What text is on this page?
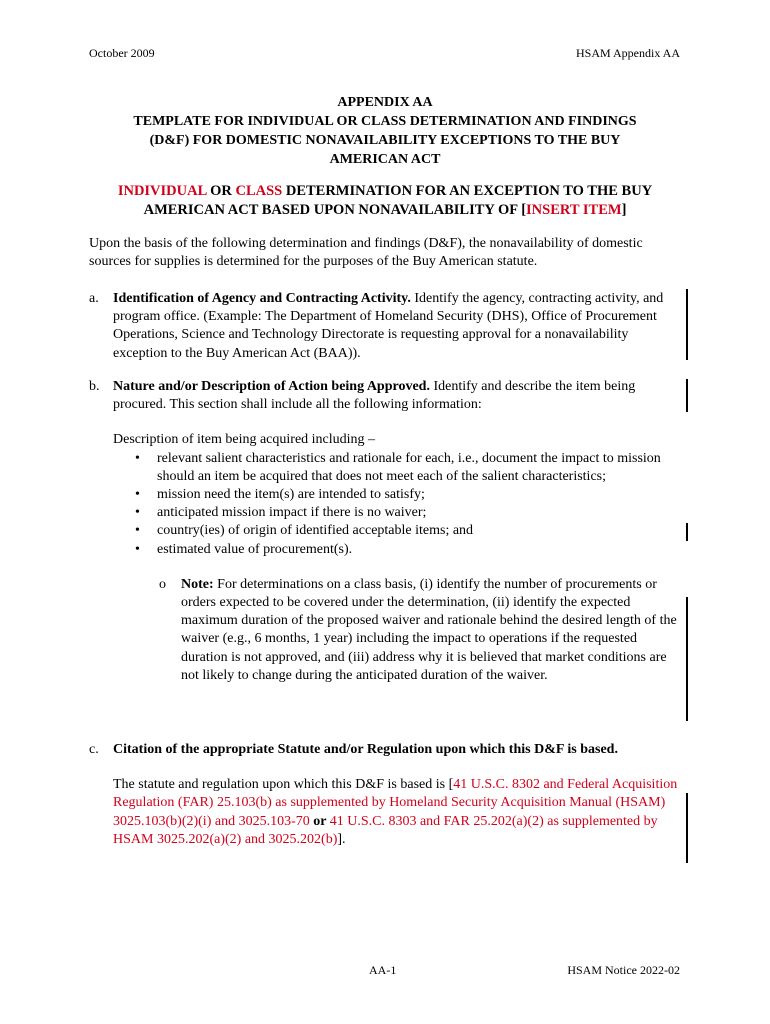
October 2009	HSAM Appendix AA
APPENDIX AA
TEMPLATE FOR INDIVIDUAL OR CLASS DETERMINATION AND FINDINGS
(D&F) FOR DOMESTIC NONAVAILABILITY EXCEPTIONS TO THE BUY
AMERICAN ACT
INDIVIDUAL OR CLASS DETERMINATION FOR AN EXCEPTION TO THE BUY
AMERICAN ACT BASED UPON NONAVAILABILITY OF [INSERT ITEM]
Upon the basis of the following determination and findings (D&F), the nonavailability of domestic sources for supplies is determined for the purposes of the Buy American statute.
a. Identification of Agency and Contracting Activity. Identify the agency, contracting activity, and program office. (Example: The Department of Homeland Security (DHS), Office of Procurement Operations, Science and Technology Directorate is requesting approval for a nonavailability exception to the Buy American Act (BAA)).
b. Nature and/or Description of Action being Approved. Identify and describe the item being procured. This section shall include all the following information:
Description of item being acquired including –
• relevant salient characteristics and rationale for each, i.e., document the impact to mission should an item be acquired that does not meet each of the salient characteristics;
• mission need the item(s) are intended to satisfy;
• anticipated mission impact if there is no waiver;
• country(ies) of origin of identified acceptable items; and
• estimated value of procurement(s).
o Note: For determinations on a class basis, (i) identify the number of procurements or orders expected to be covered under the determination, (ii) identify the expected maximum duration of the proposed waiver and rationale behind the desired length of the waiver (e.g., 6 months, 1 year) including the impact to operations if the requested duration is not approved, and (iii) address why it is believed that market conditions are not likely to change during the anticipated duration of the waiver.
c. Citation of the appropriate Statute and/or Regulation upon which this D&F is based.
The statute and regulation upon which this D&F is based is [41 U.S.C. 8302 and Federal Acquisition Regulation (FAR) 25.103(b) as supplemented by Homeland Security Acquisition Manual (HSAM) 3025.103(b)(2)(i) and 3025.103-70 or 41 U.S.C. 8303 and FAR 25.202(a)(2) as supplemented by HSAM 3025.202(a)(2) and 3025.202(b)].
AA-1	HSAM Notice 2022-02
